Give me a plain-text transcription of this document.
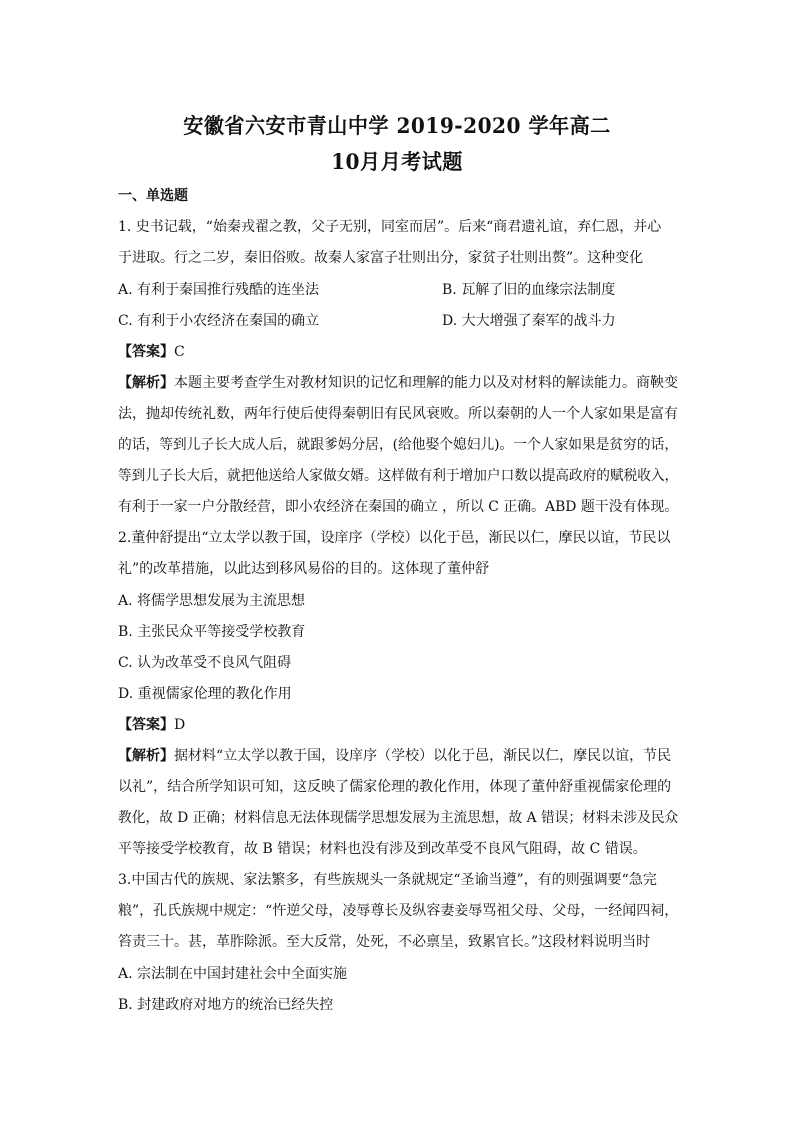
安徽省六安市青山中学 2019-2020 学年高二
10月月考试题
一、单选题
1. 史书记载，“始秦戎翟之教，父子无别，同室而居”。后来“商君遗礼谊，弃仁恩，并心
于进取。行之二岁，秦旧俗败。故秦人家富子壮则出分，家贫子壮则出赘”。这种变化
A. 有利于秦国推行残酷的连坐法	B. 瓦解了旧的血缘宗法制度
C. 有利于小农经济在秦国的确立	D. 大大增强了秦军的战斗力
【答案】C
【解析】本题主要考查学生对教材知识的记忆和理解的能力以及对材料的解读能力。商鞅变
法，抛却传统礼数，两年行使后使得秦朝旧有民风衰败。所以秦朝的人一个人家如果是富有
的话，等到儿子长大成人后，就跟爹妈分居，(给他娶个媳妇儿)。一个人家如果是贫穷的话，
等到儿子长大后，就把他送给人家做女婿。这样做有利于增加户口数以提高政府的赋税收入，
有利于一家一户分散经营，即小农经济在秦国的确立 ，所以 C 正确。ABD 题干没有体现。
2.董仲舒提出“立太学以教于国，设庠序（学校）以化于邑，渐民以仁，摩民以谊，节民以
礼”的改革措施，以此达到移风易俗的目的。这体现了董仲舒
A. 将儒学思想发展为主流思想
B. 主张民众平等接受学校教育
C. 认为改革受不良风气阻碍
D. 重视儒家伦理的教化作用
【答案】D
【解析】据材料“立太学以教于国，设庠序（学校）以化于邑，渐民以仁，摩民以谊，节民
以礼”，结合所学知识可知，这反映了儒家伦理的教化作用，体现了董仲舒重视儒家伦理的
教化，故 D 正确；材料信息无法体现儒学思想发展为主流思想，故 A 错误；材料未涉及民众
平等接受学校教育，故 B 错误；材料也没有涉及到改革受不良风气阻碍，故 C 错误。
3.中国古代的族规、家法繁多，有些族规头一条就规定“圣谕当遵”，有的则强调要“急完
粮”，孔氏族规中规定：“忤逆父母，凌辱尊长及纵容妻妾辱骂祖父母、父母，一经闻四祠，
笞责三十。甚，革胙除派。至大反常，处死，不必禀呈，致累官长。”这段材料说明当时
A. 宗法制在中国封建社会中全面实施
B. 封建政府对地方的统治已经失控
